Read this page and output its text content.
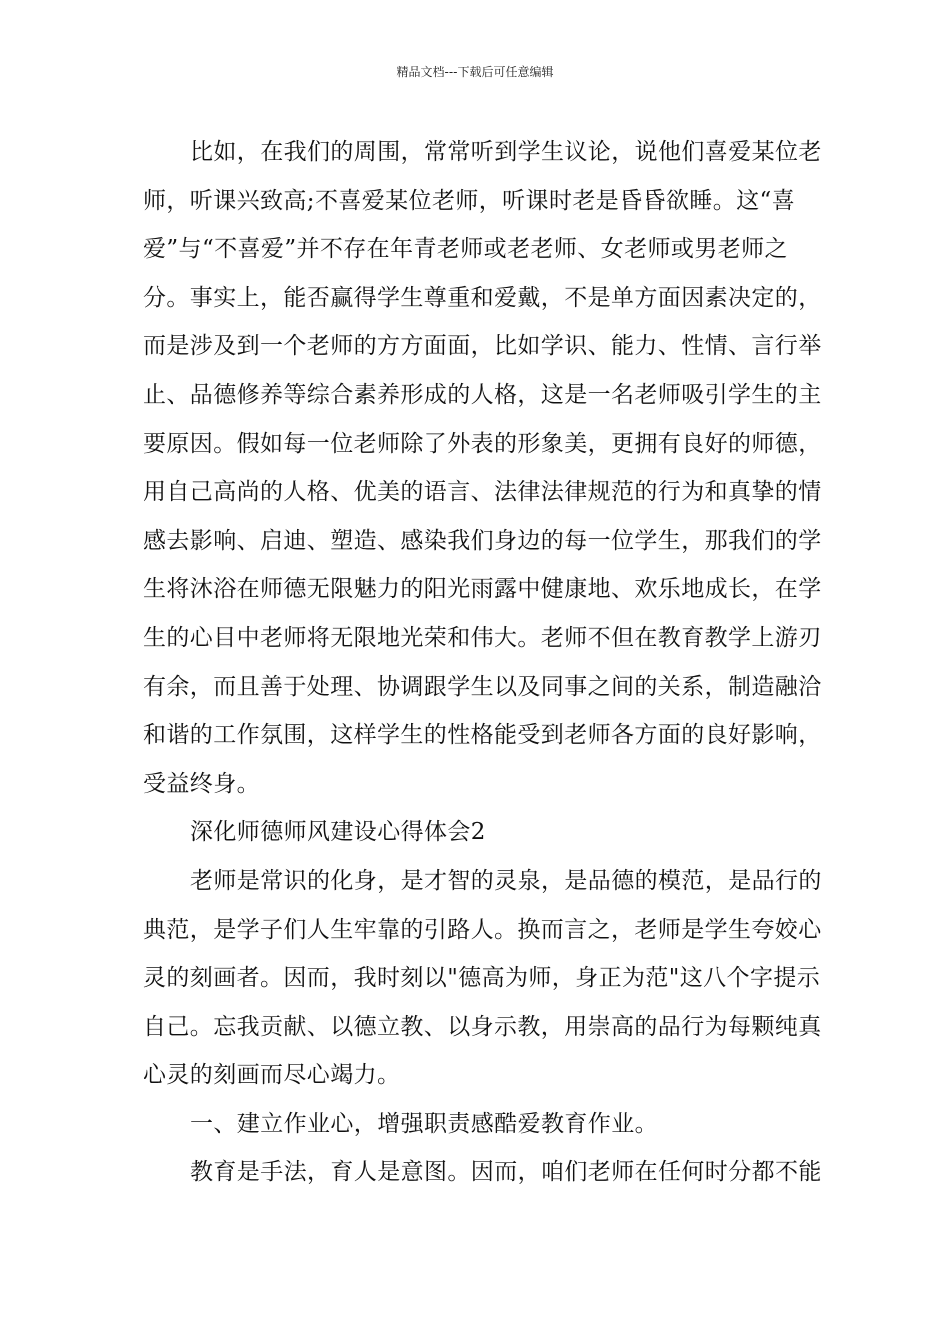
精品文档---下载后可任意编辑
比如，在我们的周围，常常听到学生议论，说他们喜爱某位老
师，听课兴致高;不喜爱某位老师，听课时老是昏昏欲睡。这“喜
爱”与“不喜爱”并不存在年青老师或老老师、女老师或男老师之
分。事实上，能否赢得学生尊重和爱戴，不是单方面因素决定的，
而是涉及到一个老师的方方面面，比如学识、能力、性情、言行举
止、品德修养等综合素养形成的人格，这是一名老师吸引学生的主
要原因。假如每一位老师除了外表的形象美，更拥有良好的师德，
用自己高尚的人格、优美的语言、法律法律规范的行为和真挚的情
感去影响、启迪、塑造、感染我们身边的每一位学生，那我们的学
生将沐浴在师德无限魅力的阳光雨露中健康地、欢乐地成长，在学
生的心目中老师将无限地光荣和伟大。老师不但在教育教学上游刃
有余，而且善于处理、协调跟学生以及同事之间的关系，制造融洽
和谐的工作氛围，这样学生的性格能受到老师各方面的良好影响，
受益终身。
深化师德师风建设心得体会2
老师是常识的化身，是才智的灵泉，是品德的模范，是品行的
典范，是学子们人生牢靠的引路人。换而言之，老师是学生夸姣心
灵的刻画者。因而，我时刻以"德高为师，身正为范"这八个字提示
自己。忘我贡献、以德立教、以身示教，用崇高的品行为每颗纯真
心灵的刻画而尽心竭力。
一、建立作业心，增强职责感酷爱教育作业。
教育是手法，育人是意图。因而，咱们老师在任何时分都不能
